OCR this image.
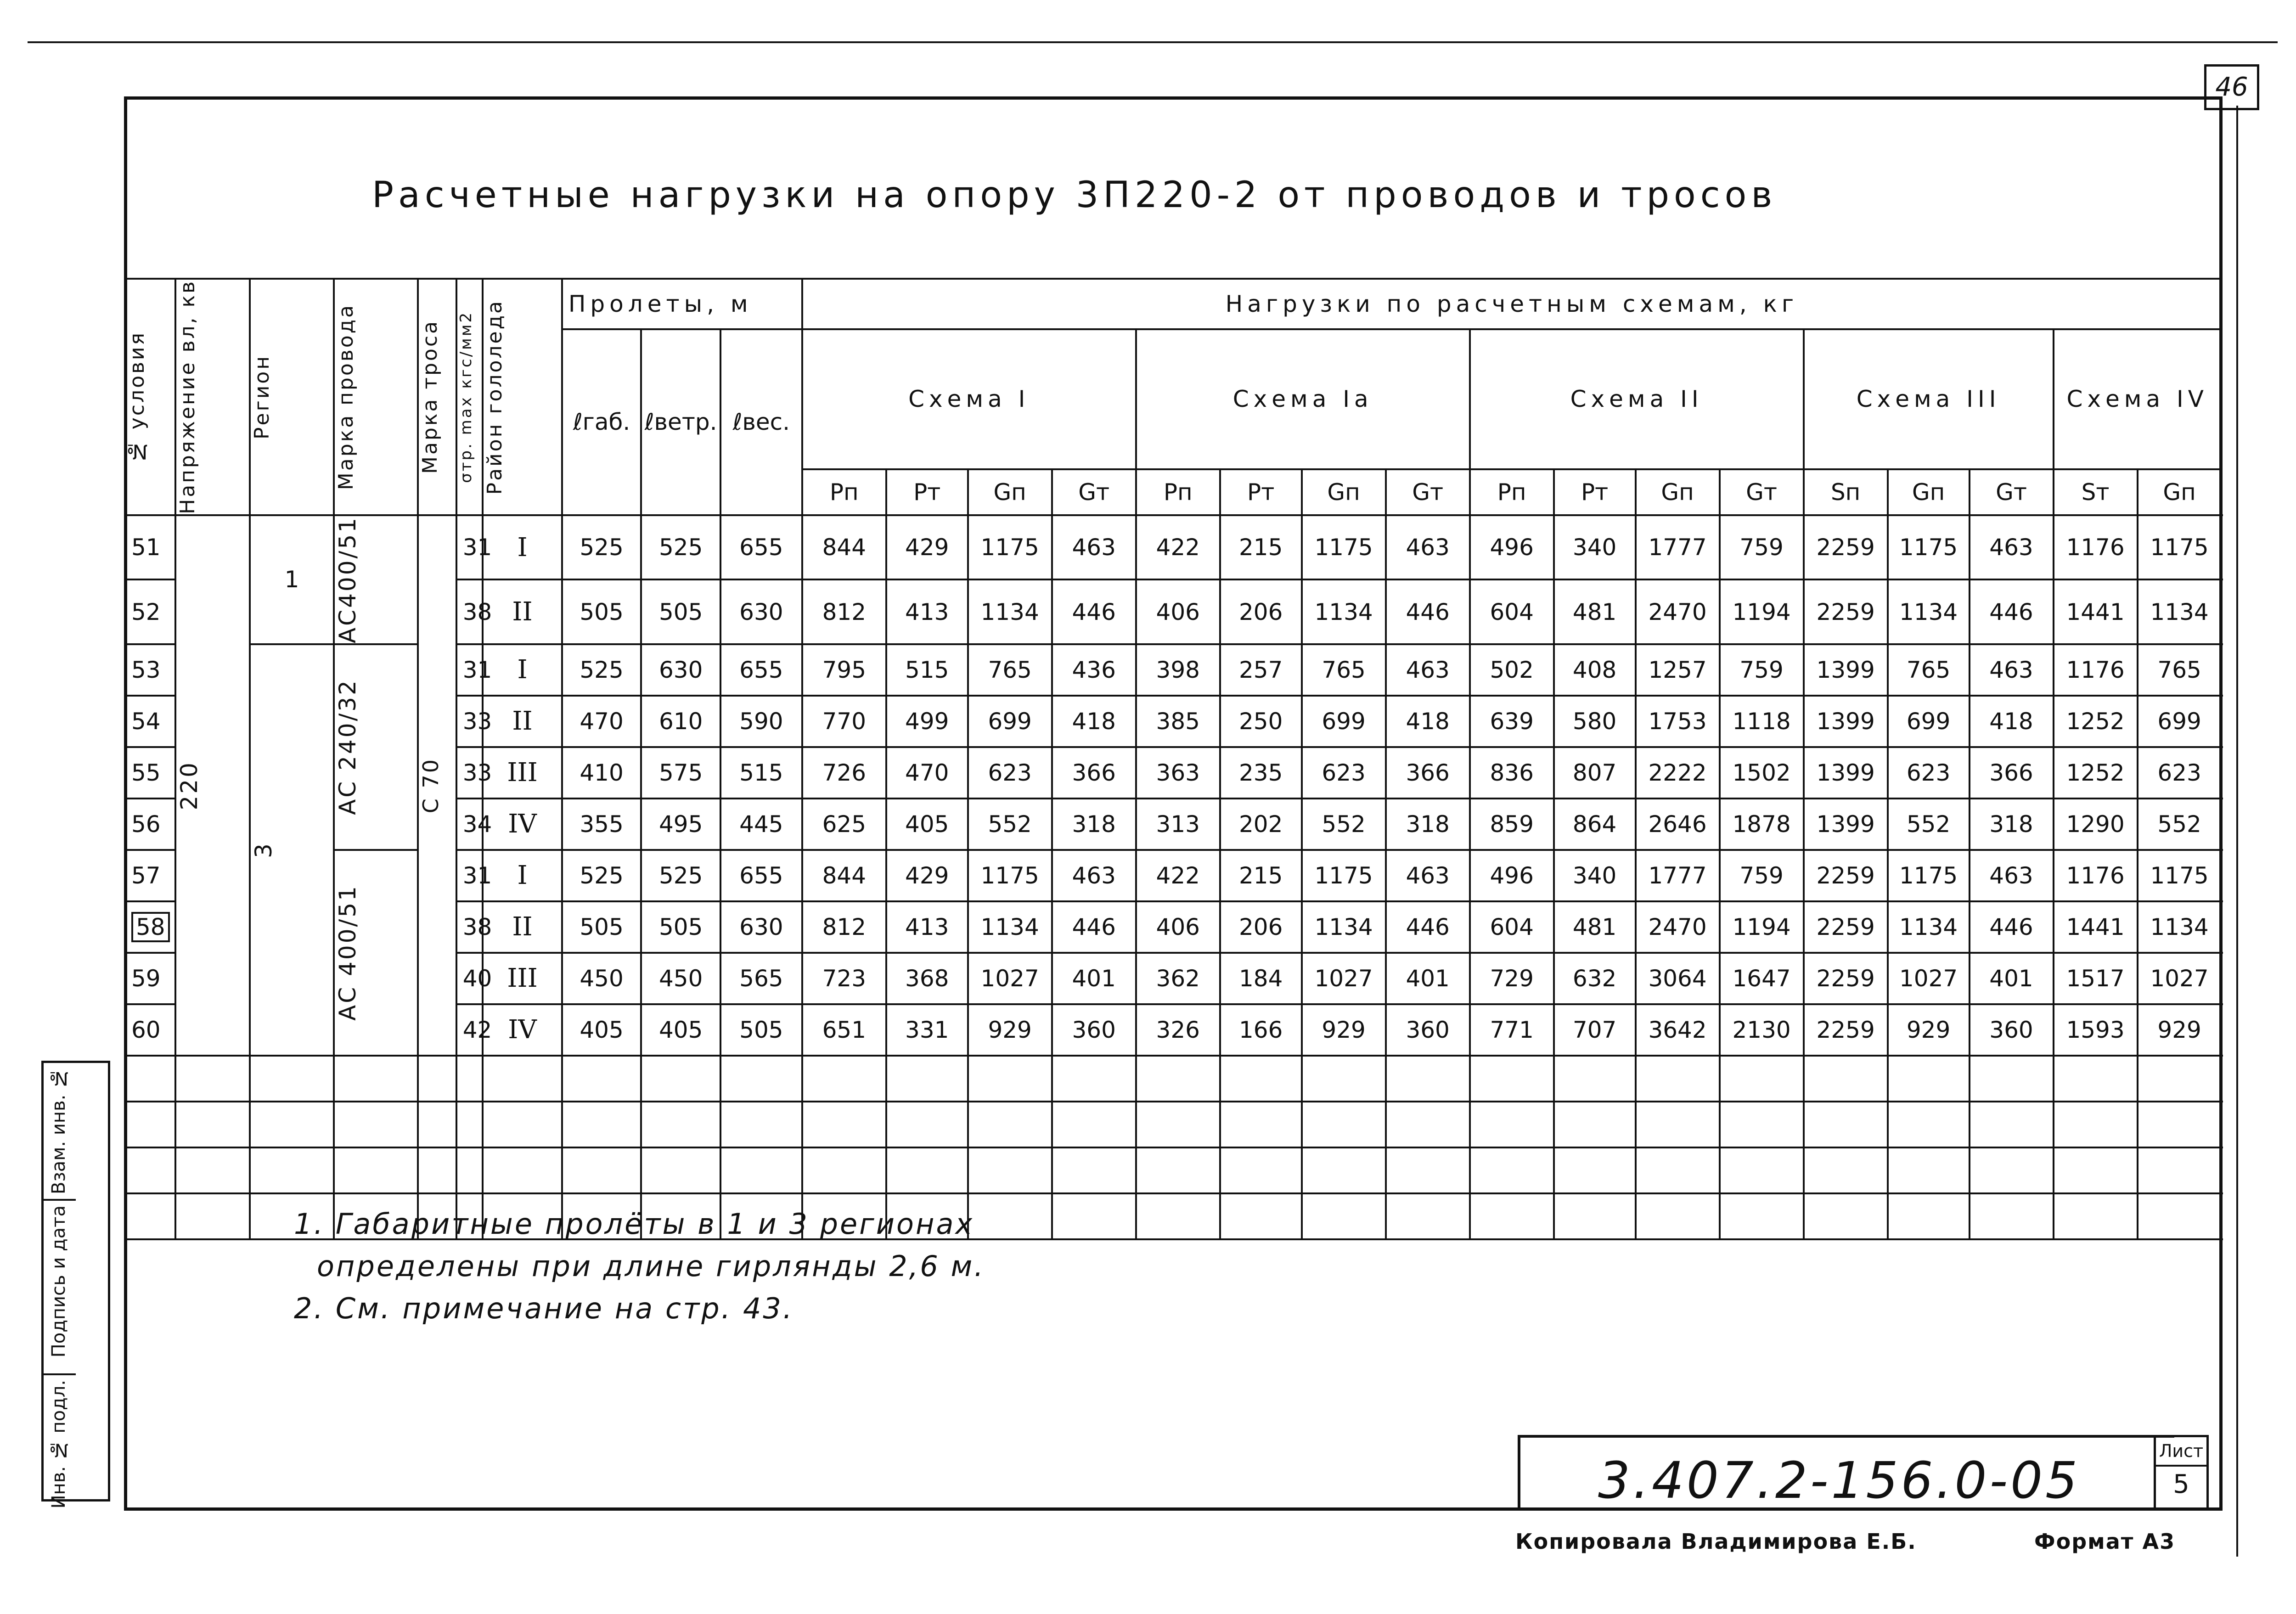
46
Расчетные нагрузки на опору 3П220-2 от проводов и тросов
№ условия	Напряжение вл, кв	Регион	Марка провода	Марка троса	σтр. max кгс/мм2	Район гололеда	Пролеты, м			Нагрузки по расчетным схемам, кг																	
							ℓгаб.	ℓветр.	ℓвес.	Схема I				Схема Iа				Схема II				Схема III			Схема IV		
										Pп	Pт	Gп	Gт	Pп	Pт	Gп	Gт	Pп	Pт	Gп	Gт	Sп	Gп	Gт	Sт	Gп	
51	220	1	АС400/51	С 70	31	I	525	525	655	844	429	1175	463	422	215	1175	463	496	340	1777	759	2259	1175	463	1176	1175	
52					38	II	505	505	630	812	413	1134	446	406	206	1134	446	604	481	2470	1194	2259	1134	446	1441	1134	
53		3	АС 240/32		31	I	525	630	655	795	515	765	436	398	257	765	463	502	408	1257	759	1399	765	463	1176	765	
54					33	II	470	610	590	770	499	699	418	385	250	699	418	639	580	1753	1118	1399	699	418	1252	699	
55					33	III	410	575	515	726	470	623	366	363	235	623	366	836	807	2222	1502	1399	623	366	1252	623	
56					34	IV	355	495	445	625	405	552	318	313	202	552	318	859	864	2646	1878	1399	552	318	1290	552	
57			АС 400/51		31	I	525	525	655	844	429	1175	463	422	215	1175	463	496	340	1777	759	2259	1175	463	1176	1175	
58					38	II	505	505	630	812	413	1134	446	406	206	1134	446	604	481	2470	1194	2259	1134	446	1441	1134	
59					40	III	450	450	565	723	368	1027	401	362	184	1027	401	729	632	3064	1647	2259	1027	401	1517	1027	
60					42	IV	405	405	505	651	331	929	360	326	166	929	360	771	707	3642	2130	2259	929	360	1593	929	

1. Габаритные пролёты в 1 и 3 регионах
определены при длине гирлянды 2,6 м.
2. См. примечание на стр. 43.
Взам. инв. №
Подпись и дата
Инв. № подл.	3.407.2-156.0-05	Лист
5
Копировала Владимирова Е.Б.	Формат А3
